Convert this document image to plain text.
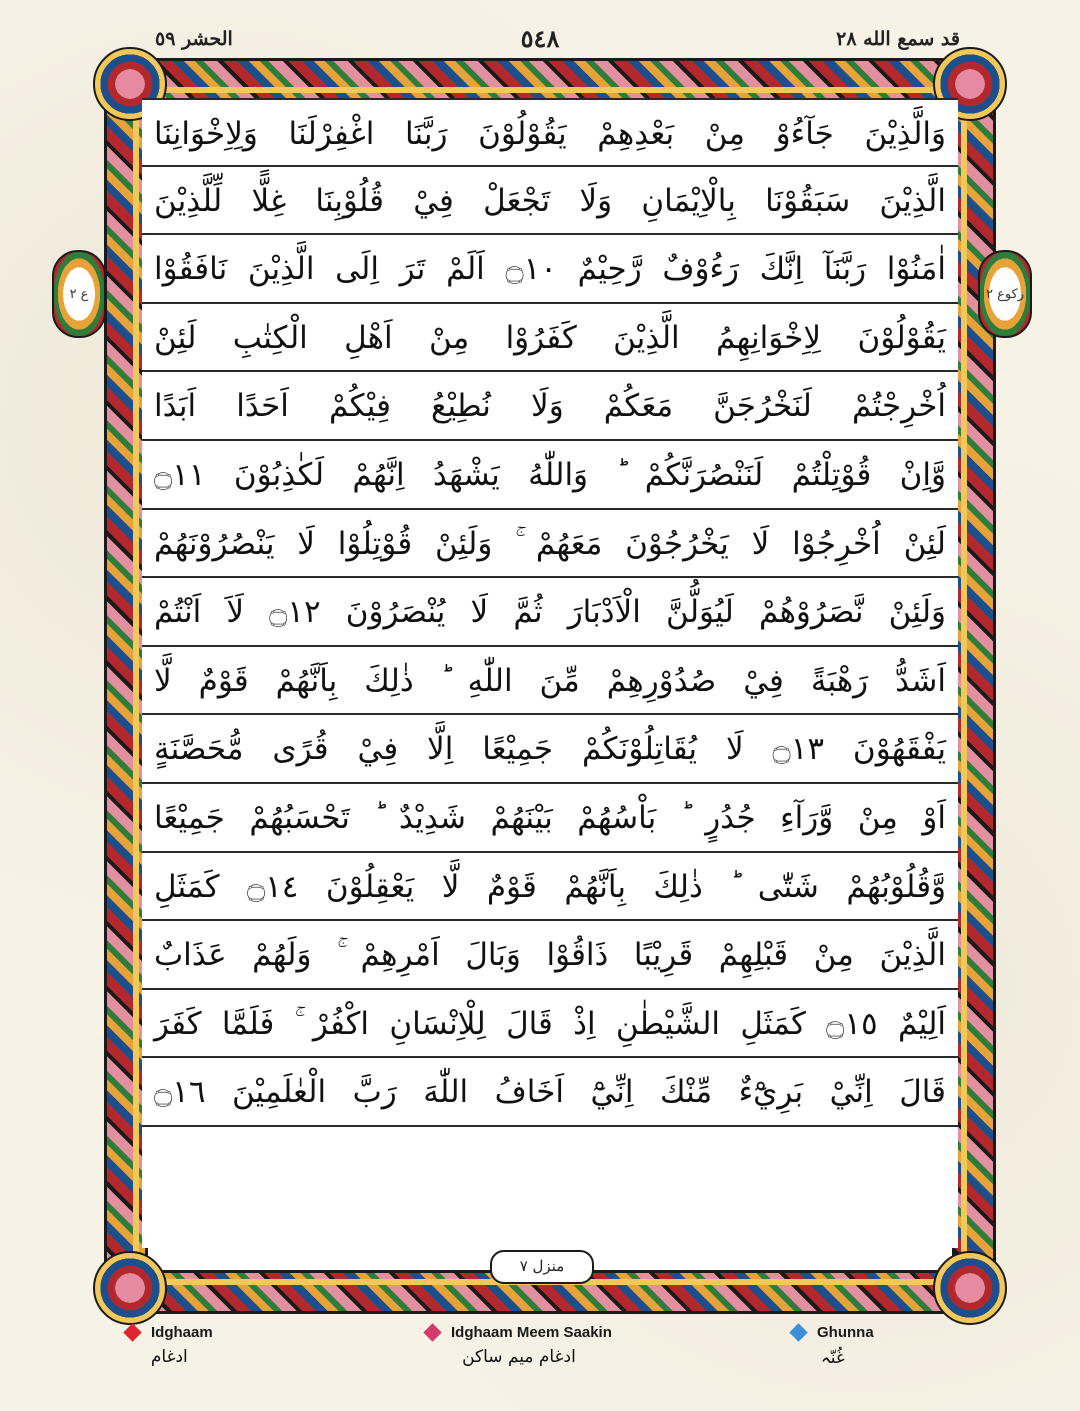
قد سمع الله ٢٨
٥٤٨
الحشر ٥٩
ع ٢	رکوع ٢
وَالَّذِيْنَ جَآءُوْ مِنْ بَعْدِهِمْ يَقُوْلُوْنَ رَبَّنَا اغْفِرْلَنَا وَلِاِخْوَانِنَا
الَّذِيْنَ سَبَقُوْنَا بِالْاِيْمَانِ وَلَا تَجْعَلْ فِيْ قُلُوْبِنَا غِلًّا لِّلَّذِيْنَ
اٰمَنُوْا رَبَّنَآ اِنَّكَ رَءُوْفٌ رَّحِيْمٌ ۝١٠ اَلَمْ تَرَ اِلَى الَّذِيْنَ نَافَقُوْا
يَقُوْلُوْنَ لِاِخْوَانِهِمُ الَّذِيْنَ كَفَرُوْا مِنْ اَهْلِ الْكِتٰبِ لَئِنْ
اُخْرِجْتُمْ لَنَخْرُجَنَّ مَعَكُمْ وَلَا نُطِيْعُ فِيْكُمْ اَحَدًا اَبَدًا
وَّاِنْ قُوْتِلْتُمْ لَنَنْصُرَنَّكُمْ ؕ وَاللّٰهُ يَشْهَدُ اِنَّهُمْ لَكٰذِبُوْنَ ۝١١
لَئِنْ اُخْرِجُوْا لَا يَخْرُجُوْنَ مَعَهُمْ ۚ وَلَئِنْ قُوْتِلُوْا لَا يَنْصُرُوْنَهُمْ
وَلَئِنْ نَّصَرُوْهُمْ لَيُوَلُّنَّ الْاَدْبَارَ ثُمَّ لَا يُنْصَرُوْنَ ۝١٢ لَاَ اَنْتُمْ
اَشَدُّ رَهْبَةً فِيْ صُدُوْرِهِمْ مِّنَ اللّٰهِ ؕ ذٰلِكَ بِاَنَّهُمْ قَوْمٌ لَّا
يَفْقَهُوْنَ ۝١٣ لَا يُقَاتِلُوْنَكُمْ جَمِيْعًا اِلَّا فِيْ قُرًى مُّحَصَّنَةٍ
اَوْ مِنْ وَّرَآءِ جُدُرٍ ؕ بَاْسُهُمْ بَيْنَهُمْ شَدِيْدٌ ؕ تَحْسَبُهُمْ جَمِيْعًا
وَّقُلُوْبُهُمْ شَتّٰى ؕ ذٰلِكَ بِاَنَّهُمْ قَوْمٌ لَّا يَعْقِلُوْنَ ۝١٤ كَمَثَلِ
الَّذِيْنَ مِنْ قَبْلِهِمْ قَرِيْبًا ذَاقُوْا وَبَالَ اَمْرِهِمْ ۚ وَلَهُمْ عَذَابٌ
اَلِيْمٌ ۝١٥ كَمَثَلِ الشَّيْطٰنِ اِذْ قَالَ لِلْاِنْسَانِ اكْفُرْ ۚ فَلَمَّا كَفَرَ
قَالَ اِنِّيْ بَرِيْٓءٌ مِّنْكَ اِنِّيْٓ اَخَافُ اللّٰهَ رَبَّ الْعٰلَمِيْنَ ۝١٦
منزل ٧
Idghaam
ادغام
Idghaam Meem Saakin
ادغام میم ساکن
Ghunna
غُنّہ
